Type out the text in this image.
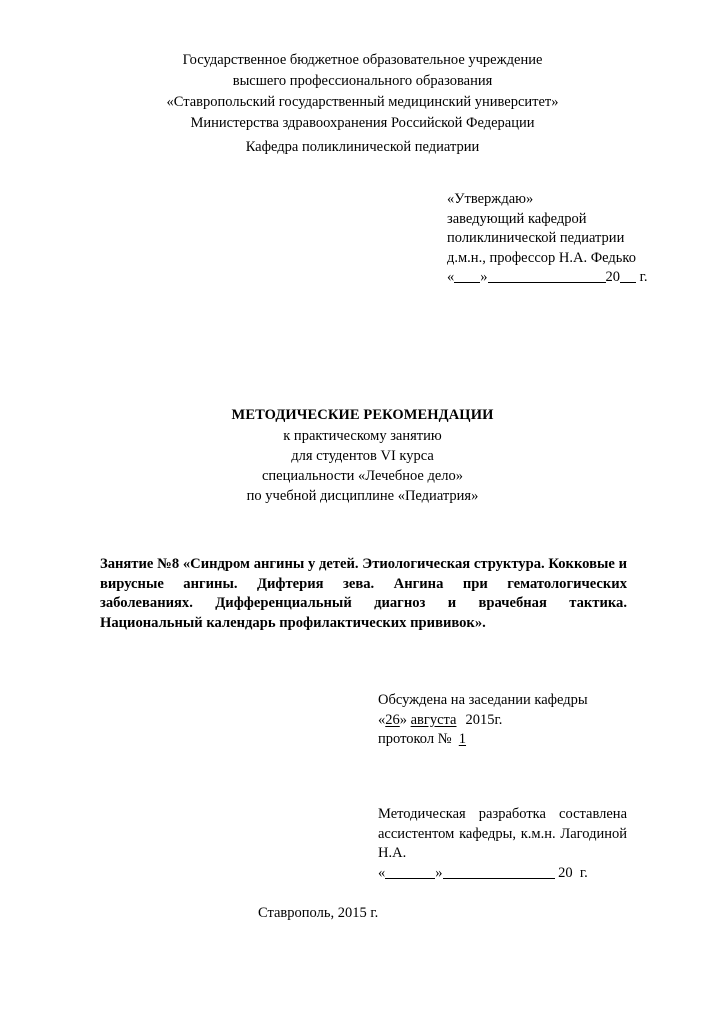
Государственное бюджетное образовательное учреждение
высшего профессионального образования
«Ставропольский государственный медицинский университет»
Министерства здравоохранения Российской Федерации
Кафедра поликлинической педиатрии
«Утверждаю»
заведующий кафедрой
поликлинической педиатрии
д.м.н., профессор Н.А. Федько
« »	20 г.
МЕТОДИЧЕСКИЕ РЕКОМЕНДАЦИИ
к практическому занятию
для студентов VI курса
специальности «Лечебное дело»
по учебной дисциплине «Педиатрия»
Занятие №8 «Синдром ангины у детей. Этиологическая структура. Кокковые и вирусные ангины. Дифтерия зева. Ангина при гематологических заболеваниях. Дифференциальный диагноз и врачебная тактика. Национальный календарь профилактических прививок».
Обсуждена на заседании кафедры
«26» августа 2015г.
протокол № 1
Методическая разработка составлена ассистентом кафедры, к.м.н. Лагодиной Н.А.
«	»	20 г.
Ставрополь, 2015 г.
